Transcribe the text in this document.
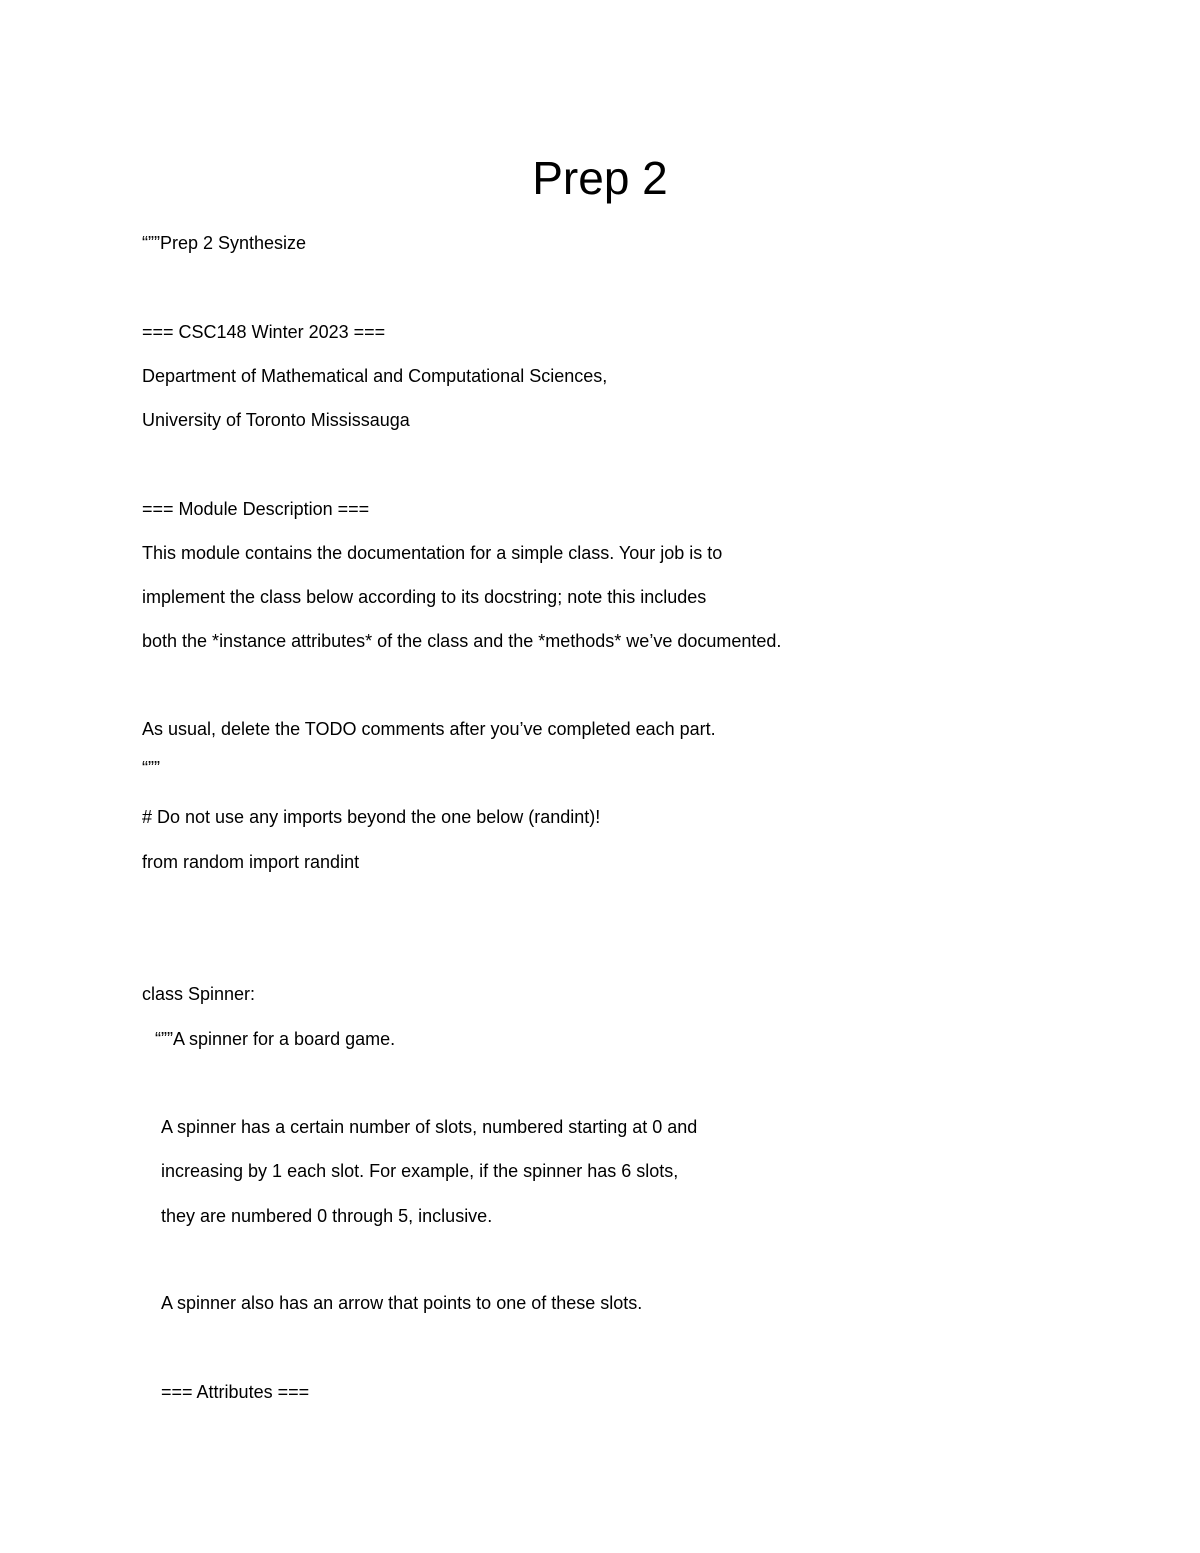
Prep 2

“””Prep 2 Synthesize

=== CSC148 Winter 2023 ===

Department of Mathematical and Computational Sciences,

University of Toronto Mississauga

=== Module Description ===

This module contains the documentation for a simple class. Your job is to

implement the class below according to its docstring; note this includes

both the *instance attributes* of the class and the *methods* we’ve documented.

As usual, delete the TODO comments after you’ve completed each part.

“””

# Do not use any imports beyond the one below (randint)!

from random import randint

class Spinner:

“””A spinner for a board game.

A spinner has a certain number of slots, numbered starting at 0 and

increasing by 1 each slot. For example, if the spinner has 6 slots,

they are numbered 0 through 5, inclusive.

A spinner also has an arrow that points to one of these slots.

=== Attributes ===
